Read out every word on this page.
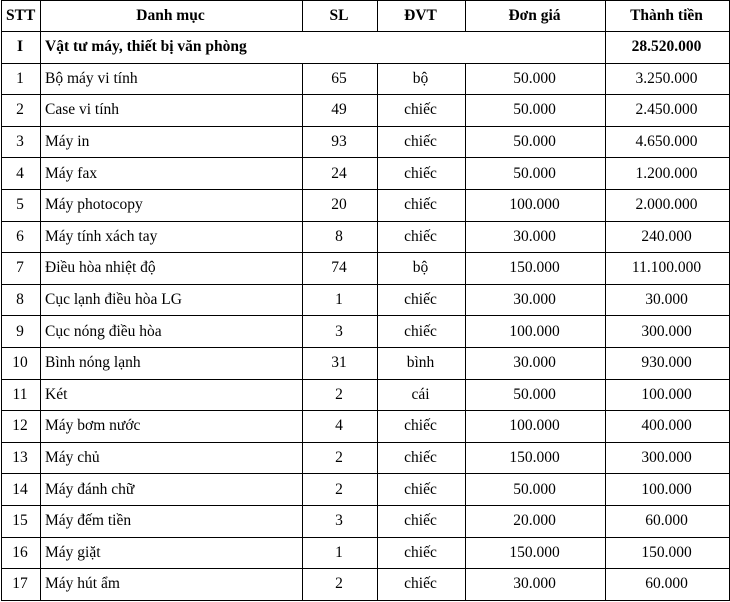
STT	Danh mục	SL	ĐVT	Đơn giá	Thành tiền
I	Vật tư máy, thiết bị văn phòng				28.520.000
1	Bộ máy vi tính	65	bộ	50.000	3.250.000
2	Case vi tính	49	chiếc	50.000	2.450.000
3	Máy in	93	chiếc	50.000	4.650.000
4	Máy fax	24	chiếc	50.000	1.200.000
5	Máy photocopy	20	chiếc	100.000	2.000.000
6	Máy tính xách tay	8	chiếc	30.000	240.000
7	Điều hòa nhiệt độ	74	bộ	150.000	11.100.000
8	Cục lạnh điều hòa LG	1	chiếc	30.000	30.000
9	Cục nóng điều hòa	3	chiếc	100.000	300.000
10	Bình nóng lạnh	31	bình	30.000	930.000
11	Két	2	cái	50.000	100.000
12	Máy bơm nước	4	chiếc	100.000	400.000
13	Máy chủ	2	chiếc	150.000	300.000
14	Máy đánh chữ	2	chiếc	50.000	100.000
15	Máy đếm tiền	3	chiếc	20.000	60.000
16	Máy giặt	1	chiếc	150.000	150.000
17	Máy hút ẩm	2	chiếc	30.000	60.000
